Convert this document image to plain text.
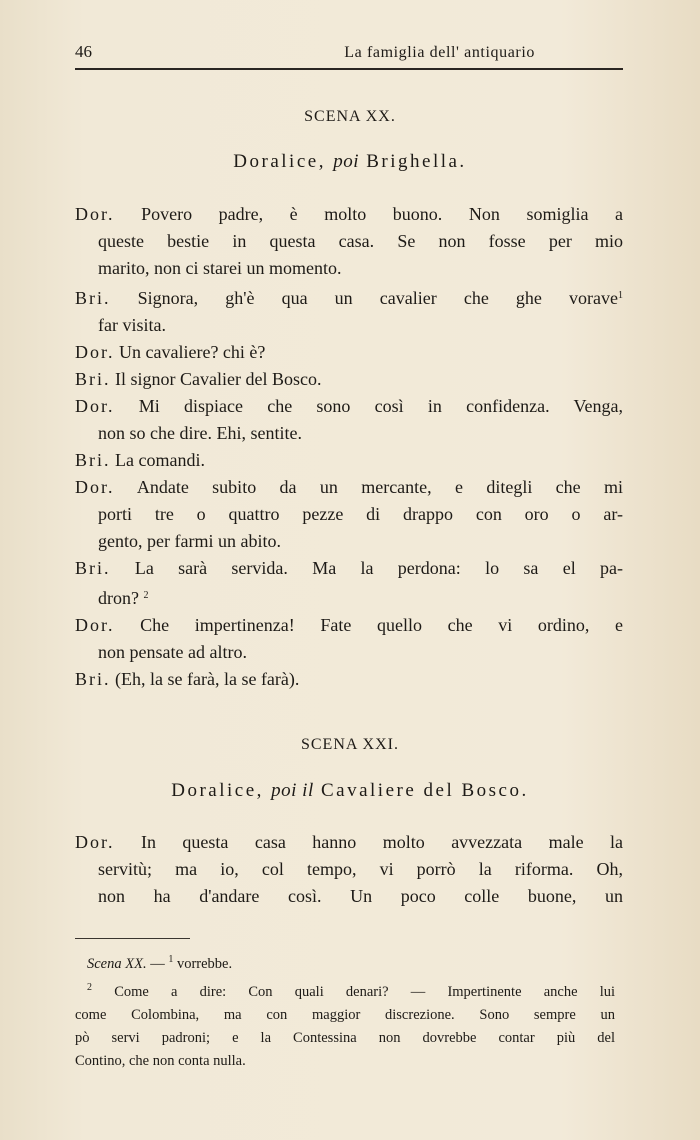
46	La famiglia dell' antiquario
SCENA XX.
Doralice, poi Brighella.

Dor. Povero padre, è molto buono. Non somiglia a
queste bestie in questa casa. Se non fosse per mio
marito, non ci starei un momento.

Bri. Signora, gh'è qua un cavalier che ghe vorave$^1$
far visita.

Dor. Un cavaliere? chi è?

Bri. Il signor Cavalier del Bosco.

Dor. Mi dispiace che sono così in confidenza. Venga,
non so che dire. Ehi, sentite.

Bri. La comandi.

Dor. Andate subito da un mercante, e ditegli che mi
porti tre o quattro pezze di drappo con oro o ar-
gento, per farmi un abito.

Bri. La sarà servida. Ma la perdona: lo sa el pa-
dron? $^2$

Dor. Che impertinenza! Fate quello che vi ordino, e
non pensate ad altro.

Bri. (Eh, la se farà, la se farà).

SCENA XXI.
Doralice, poi il Cavaliere del Bosco.

Dor. In questa casa hanno molto avvezzata male la
servitù; ma io, col tempo, vi porrò la riforma. Oh,
non ha d'andare così. Un poco colle buone, un

Scena XX. — $^1$ vorrebbe.
$^2$ Come a dire: Con quali denari? — Impertinente anche lui
come Colombina, ma con maggior discrezione. Sono sempre un
pò servi padroni; e la Contessina non dovrebbe contar più del
Contino, che non conta nulla.
